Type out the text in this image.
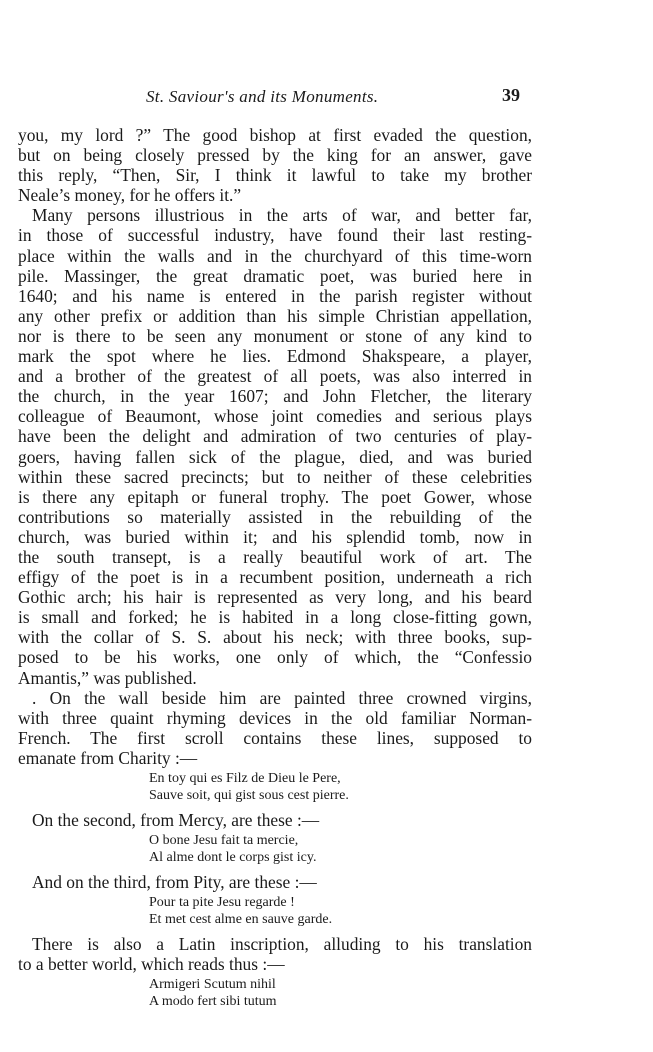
St. Saviour's and its Monuments.	39
you, my lord ?” The good bishop at first evaded the question,
but on being closely pressed by the king for an answer, gave
this reply, “Then, Sir, I think it lawful to take my brother
Neale’s money, for he offers it.”
Many persons illustrious in the arts of war, and better far,
in those of successful industry, have found their last resting-
place within the walls and in the churchyard of this time-worn
pile. Massinger, the great dramatic poet, was buried here in
1640; and his name is entered in the parish register without
any other prefix or addition than his simple Christian appellation,
nor is there to be seen any monument or stone of any kind to
mark the spot where he lies. Edmond Shakspeare, a player,
and a brother of the greatest of all poets, was also interred in
the church, in the year 1607; and John Fletcher, the literary
colleague of Beaumont, whose joint comedies and serious plays
have been the delight and admiration of two centuries of play-
goers, having fallen sick of the plague, died, and was buried
within these sacred precincts; but to neither of these celebrities
is there any epitaph or funeral trophy. The poet Gower, whose
contributions so materially assisted in the rebuilding of the
church, was buried within it; and his splendid tomb, now in
the south transept, is a really beautiful work of art. The
effigy of the poet is in a recumbent position, underneath a rich
Gothic arch; his hair is represented as very long, and his beard
is small and forked; he is habited in a long close-fitting gown,
with the collar of S. S. about his neck; with three books, sup-
posed to be his works, one only of which, the “Confessio
Amantis,” was published.
. On the wall beside him are painted three crowned virgins,
with three quaint rhyming devices in the old familiar Norman-
French. The first scroll contains these lines, supposed to
emanate from Charity :—
En toy qui es Filz de Dieu le Pere,
Sauve soit, qui gist sous cest pierre.
On the second, from Mercy, are these :—
O bone Jesu fait ta mercie,
Al alme dont le corps gist icy.
And on the third, from Pity, are these :—
Pour ta pite Jesu regarde !
Et met cest alme en sauve garde.
There is also a Latin inscription, alluding to his translation
to a better world, which reads thus :—
Armigeri Scutum nihil
A modo fert sibi tutum
